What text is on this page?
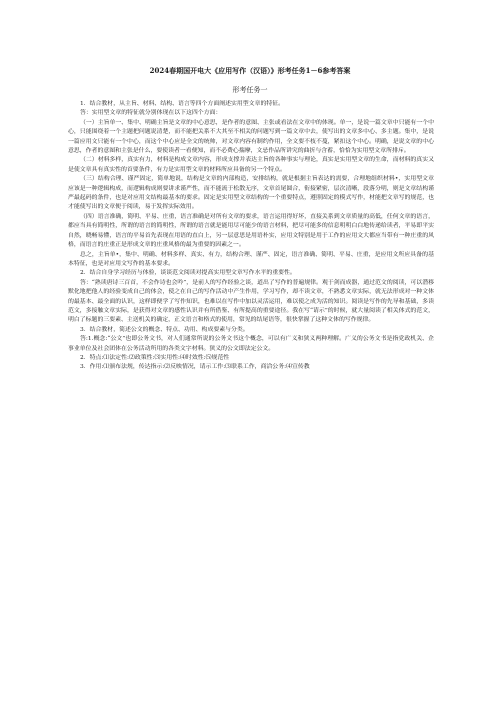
2024春期国开电大《应用写作（汉语）》形考任务1－6参考答案
形考任务一

1．结合教材，从主旨、材料、结构、语言等四个方面阐述实用型文章的特征。

答：实用型文章的特征就分别体现在以下这四个方面：

（一）主旨单一、集中、明确主旨是文章的中心意思，是作者的意图、主张或看法在文章中的体现。单一，是说一篇文章中只能有一个中心，只能围绕着一个主题把问题说清楚，而不能把关系不大其至不相关的问题写到一篇文章中去，使写出的文章多中心、多主题。集中，是说一篇应用文只能有一个中心，而这个中心应是全文的统帅，对文章内容有制约作用，全文要不枝不蔓，紧扣这个中心。明确，是说文章的中心意思，作者的意图和主张是什么，要使读者一看便知，而不必费心揣摩，文忌作品所讲究的曲折与含蓄，恰恰为实用型文章所排斥。

（二）材料多样，真实有力，材料是构成文章内容，形成支撑并表达主旨的各种事实与理论，真实是实用型文章的生命，而材料的真实又是使文章具有真实性的首要条件，有力是实用型文章的材料所应具备的另一个特点。

（三）结构合理、谨严固定，简单地说，结构是文章的内部构造，安排结构，就是根据主旨表达的需要，合理地组织材料•，实用型文章应该是一种逻辑构成，而逻辑构成则要讲求谨严性，而不能流于松散无序，文章首尾圆合，衔接紧密，层次清晰，段落分明，则是文章结构谨严最起码的条件，也是对应用文结构最基本的要求。固定是实用型文章结构的一个重要特点，遵照固定的模式写作，材能把文章写的规范，也才能使写出的文章便于阅读，易于发挥实际效用。

（四）语言准确，简明、平易、庄重，语言准确是对所有文章的要求，语言运用得好坏，直接关系到文章质量的高低，任何文章的语言，都应当具有简明性，所谓的语言的简明性，所谓的语言就是能用尽可能少的语言材料，把尽可能多的信息明明白白地传递给读者，平易即平实自然，晓畅易懂，语言的平易首先表现在用语的直白上，另一层意思是用语朴实，应用文特别是用于工作的应用文大都应当带有一种庄重的风格，而语言的庄重正是形成文章的庄重风格的最为重要的因素之一。

总之，主旨单•，集中、明确、材料多样、真实、有力，结构合理、谨严、固定，语言准确、简明、平易、庄重，是应用文所应具备的基本特征，也是对应用文写作的基本要求。

2．结合自身学习经历与体验，谈谈范文阅读对提高实用型文章写作水平的重要性。

答：“熟读唐诗三百首，不会作诗也会吟”，是前人的写作经验之谈，道出了写作的普遍规律。观于剑而成器，通过范文的阅读，可以潜移默化地把他人的经验变成自己的体会，使之在自己的写作活动中产生作用，学习写作，却不读文章，不熟悉文章实际，就无法形成对一种文体的最基本、最全面的认识，这样即便学了写作知识，也难以在写作中加以灵活运用，难以使之成为活的知识。阅读是写作的先导和基础，多读范文，多接触文章实际，是获得对文章的感性认识并有所借鉴、有所提高的重要途径。我在写“请示”的时候，就大量阅读了相关体式的范文，明白了标题的三要素、主送机关的确定，正文语言和格式的使用，常见的结尾语等，很快掌握了这种文体的写作规律。

3．结合教材，简述公文的概念、特点、功用、构成要素与分类。

答:1.概念:“公文”也即公务文书，对人们通常所说的公务文书这个概念，可以有广义和狭义两种理解。广义的公务文书是指党政机关、企事业单位及社会团体在公务活动所用的各类文字材料。狭义的公文即法定公文。

2．特点:⑴法定性:⑵政策性:⑶实用性:⑷时效性:⑸规范性

3．作用:⑴颁布法规，传达指示:⑵反映情况，请示工作:⑶联系工作，商洽公务:⑷宣传教
